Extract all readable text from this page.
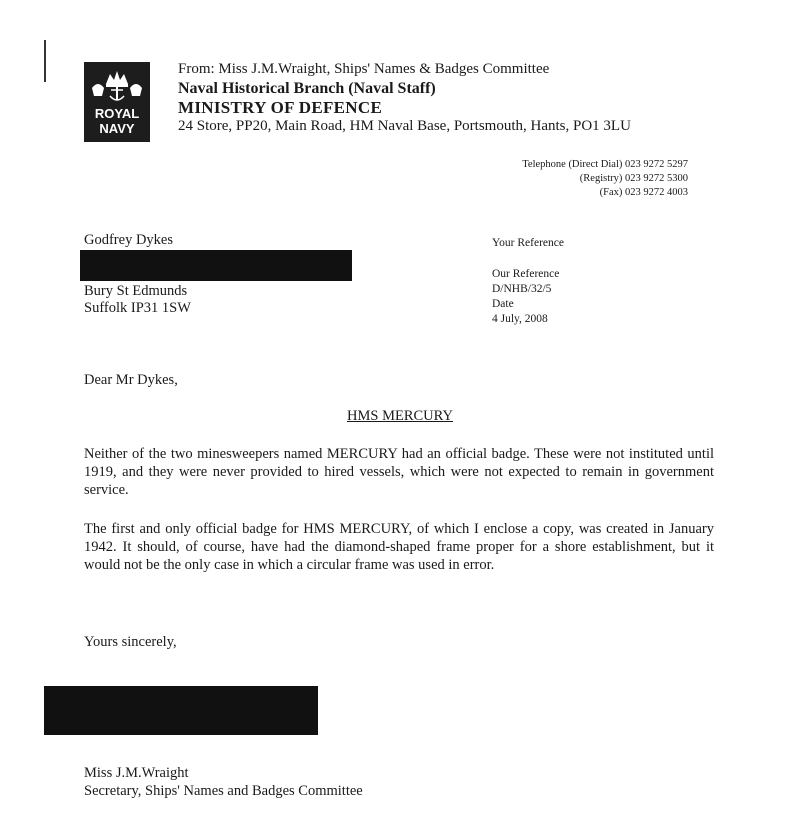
ROYAL
NAVY
From: Miss J.M.Wraight, Ships' Names & Badges Committee
Naval Historical Branch (Naval Staff)
MINISTRY OF DEFENCE
24 Store, PP20, Main Road, HM Naval Base, Portsmouth, Hants, PO1 3LU
Telephone (Direct Dial) 023 9272 5297
(Registry) 023 9272 5300
(Fax) 023 9272 4003
Godfrey Dykes
Bury St Edmunds
Suffolk IP31 1SW
Your Reference
Our Reference
D/NHB/32/5
Date
4 July, 2008
Dear Mr Dykes,
HMS MERCURY
Neither of the two minesweepers named MERCURY had an official badge. These were not instituted until 1919, and they were never provided to hired vessels, which were not expected to remain in government service.
The first and only official badge for HMS MERCURY, of which I enclose a copy, was created in January 1942. It should, of course, have had the diamond-shaped frame proper for a shore establishment, but it would not be the only case in which a circular frame was used in error.
Yours sincerely,
Miss J.M.Wraight
Secretary, Ships' Names and Badges Committee
